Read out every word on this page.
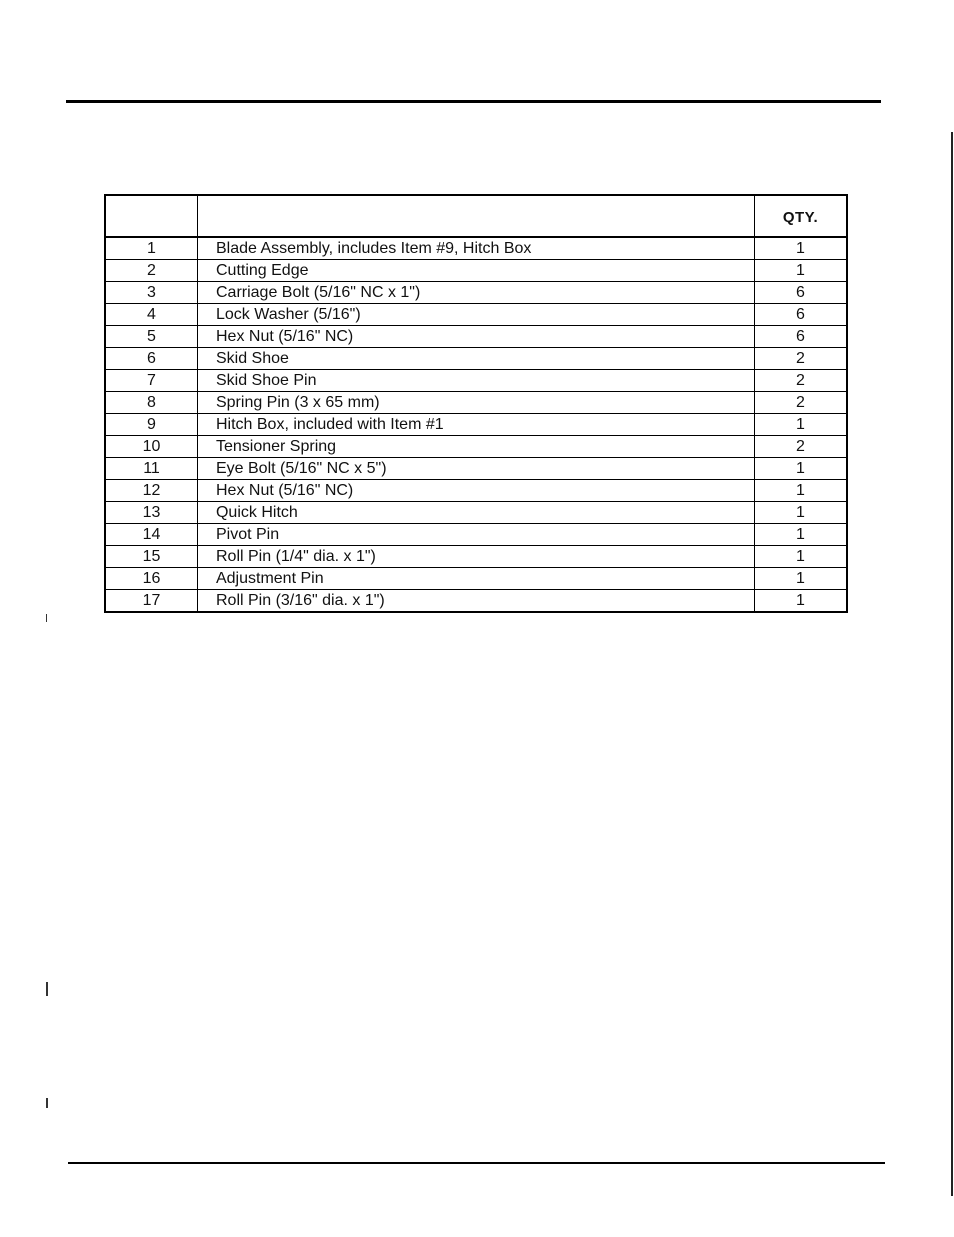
		QTY.
1	Blade Assembly, includes Item #9, Hitch Box	1
2	Cutting Edge	1
3	Carriage Bolt (5/16" NC x 1")	6
4	Lock Washer (5/16")	6
5	Hex Nut (5/16" NC)	6
6	Skid Shoe	2
7	Skid Shoe Pin	2
8	Spring Pin (3 x 65 mm)	2
9	Hitch Box, included with Item #1	1
10	Tensioner Spring	2
11	Eye Bolt (5/16" NC x 5")	1
12	Hex Nut (5/16" NC)	1
13	Quick Hitch	1
14	Pivot Pin	1
15	Roll Pin (1/4" dia. x 1")	1
16	Adjustment Pin	1
17	Roll Pin (3/16" dia. x 1")	1
